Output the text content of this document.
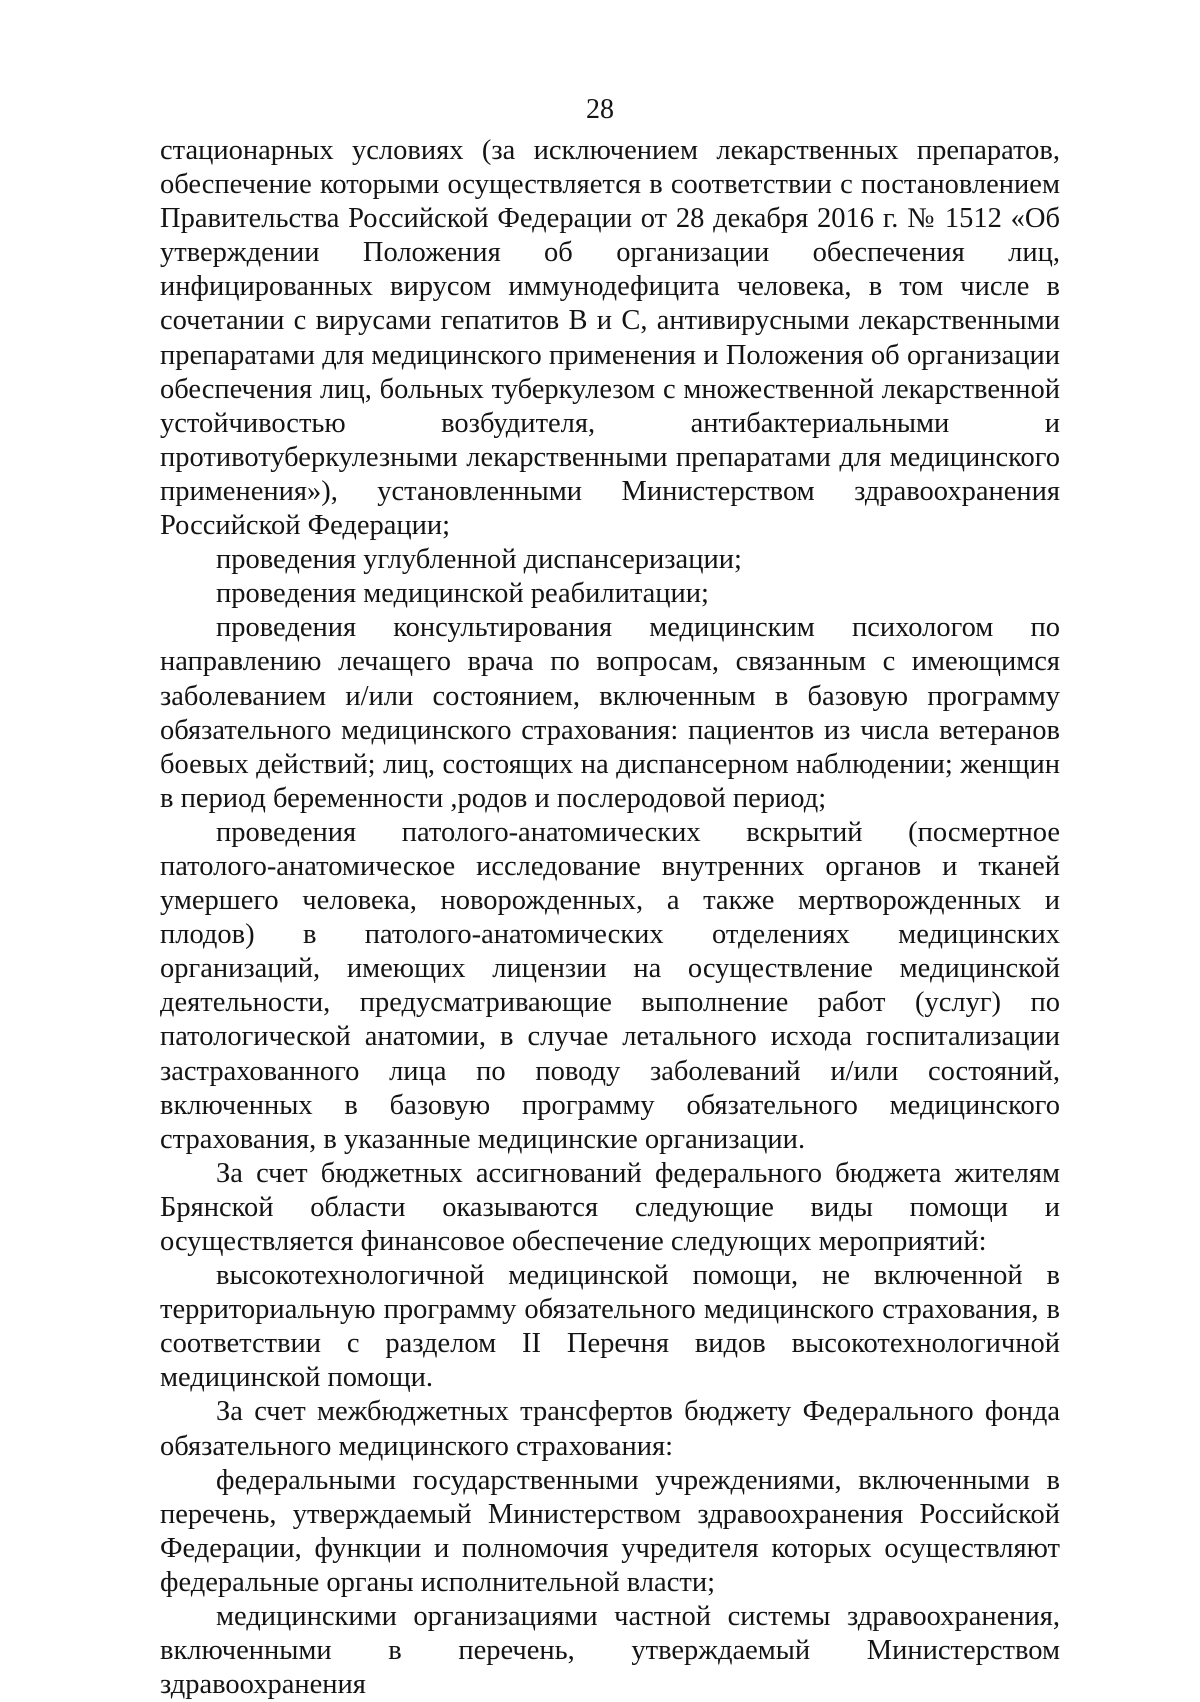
28

стационарных условиях (за исключением лекарственных препаратов, обеспечение которыми осуществляется в соответствии с постановлением Правительства Российской Федерации от 28 декабря 2016 г. № 1512 «Об утверждении Положения об организации обеспечения лиц, инфицированных вирусом иммунодефицита человека, в том числе в сочетании с вирусами гепатитов В и С, антивирусными лекарственными препаратами для медицинского применения и Положения об организации обеспечения лиц, больных туберкулезом с множественной лекарственной устойчивостью возбудителя, антибактериальными и противотуберкулезными лекарственными препаратами для медицинского применения»), установленными Министерством здравоохранения Российской Федерации;

проведения углубленной диспансеризации;

проведения медицинской реабилитации;

проведения консультирования медицинским психологом по направлению лечащего врача по вопросам, связанным с имеющимся заболеванием и/или состоянием, включенным в базовую программу обязательного медицинского страхования: пациентов из числа ветеранов боевых действий; лиц, состоящих на диспансерном наблюдении; женщин в период беременности ,родов и послеродовой период;

проведения патолого-анатомических вскрытий (посмертное патолого-анатомическое исследование внутренних органов и тканей умершего человека, новорожденных, а также мертворожденных и плодов) в патолого-анатомических отделениях медицинских организаций, имеющих лицензии на осуществление медицинской деятельности, предусматривающие выполнение работ (услуг) по патологической анатомии, в случае летального исхода госпитализации застрахованного лица по поводу заболеваний и/или состояний, включенных в базовую программу обязательного медицинского страхования, в указанные медицинские организации.

За счет бюджетных ассигнований федерального бюджета жителям Брянской области оказываются следующие виды помощи и осуществляется финансовое обеспечение следующих мероприятий:

высокотехнологичной медицинской помощи, не включенной в территориальную программу обязательного медицинского страхования, в соответствии с разделом II Перечня видов высокотехнологичной медицинской помощи.

За счет межбюджетных трансфертов бюджету Федерального фонда обязательного медицинского страхования:

федеральными государственными учреждениями, включенными в перечень, утверждаемый Министерством здравоохранения Российской Федерации, функции и полномочия учредителя которых осуществляют федеральные органы исполнительной власти;

медицинскими организациями частной системы здравоохранения, включенными в перечень, утверждаемый Министерством здравоохранения
